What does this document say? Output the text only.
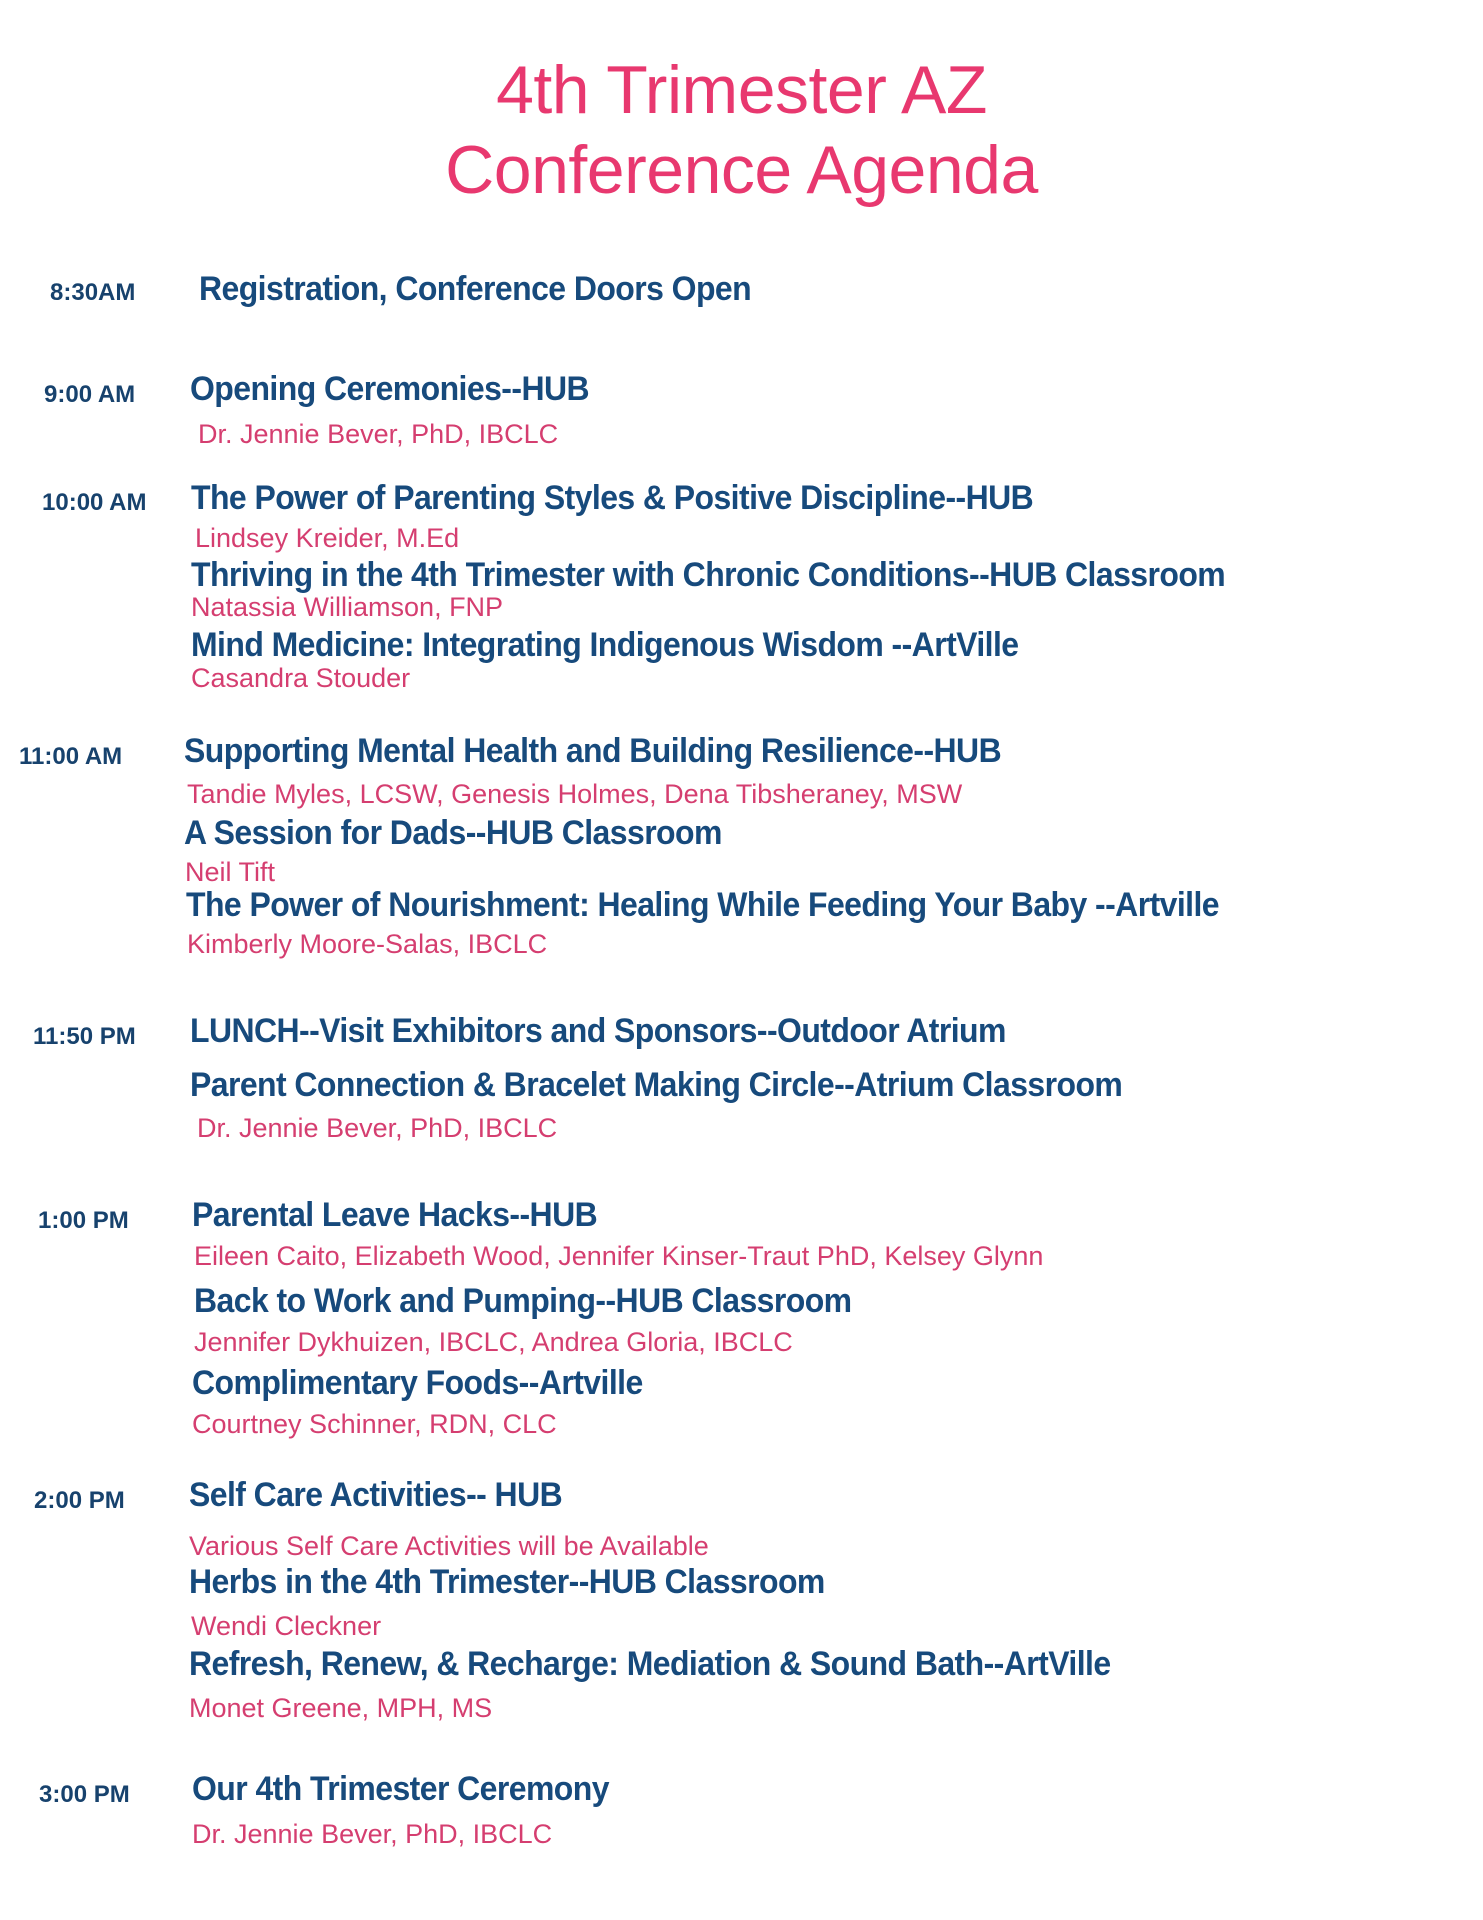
4th Trimester AZ
Conference Agenda
8:30AM Registration, Conference Doors Open
9:00 AM Opening Ceremonies--HUB
Dr. Jennie Bever, PhD, IBCLC
10:00 AM The Power of Parenting Styles & Positive Discipline--HUB
Lindsey Kreider, M.Ed
Thriving in the 4th Trimester with Chronic Conditions--HUB Classroom
Natassia Williamson, FNP
Mind Medicine: Integrating Indigenous Wisdom --ArtVille
Casandra Stouder
11:00 AM Supporting Mental Health and Building Resilience--HUB
Tandie Myles, LCSW, Genesis Holmes, Dena Tibsheraney, MSW
A Session for Dads--HUB Classroom
Neil Tift
The Power of Nourishment: Healing While Feeding Your Baby --Artville
Kimberly Moore-Salas, IBCLC
11:50 PM LUNCH--Visit Exhibitors and Sponsors--Outdoor Atrium
Parent Connection & Bracelet Making Circle--Atrium Classroom
Dr. Jennie Bever, PhD, IBCLC
1:00 PM Parental Leave Hacks--HUB
Eileen Caito, Elizabeth Wood, Jennifer Kinser-Traut PhD, Kelsey Glynn
Back to Work and Pumping--HUB Classroom
Jennifer Dykhuizen, IBCLC, Andrea Gloria, IBCLC
Complimentary Foods--Artville
Courtney Schinner, RDN, CLC
2:00 PM Self Care Activities-- HUB
Various Self Care Activities will be Available
Herbs in the 4th Trimester--HUB Classroom
Wendi Cleckner
Refresh, Renew, & Recharge: Mediation & Sound Bath--ArtVille
Monet Greene, MPH, MS
3:00 PM Our 4th Trimester Ceremony
Dr. Jennie Bever, PhD, IBCLC
